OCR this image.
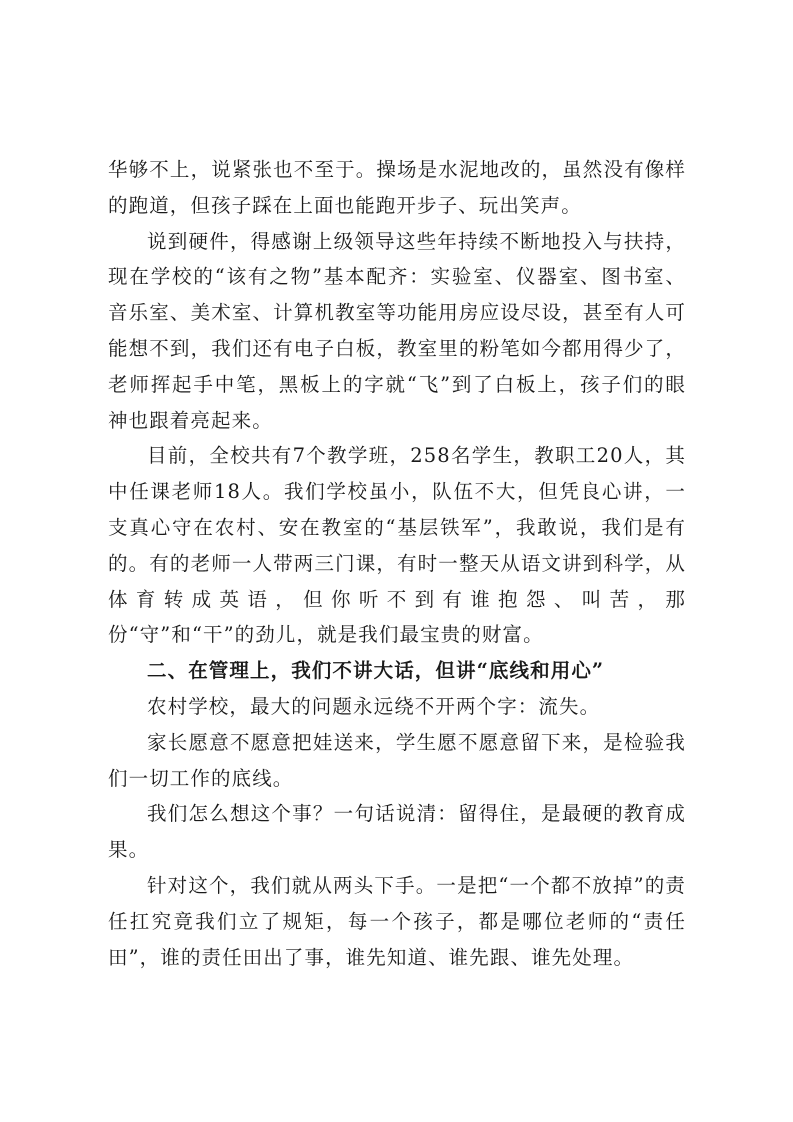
华够不上，说紧张也不至于。操场是水泥地改的，虽然没有像样的跑道，但孩子踩在上面也能跑开步子、玩出笑声。

说到硬件，得感谢上级领导这些年持续不断地投入与扶持，现在学校的“该有之物”基本配齐：实验室、仪器室、图书室、音乐室、美术室、计算机教室等功能用房应设尽设，甚至有人可能想不到，我们还有电子白板，教室里的粉笔如今都用得少了，老师挥起手中笔，黑板上的字就“飞”到了白板上，孩子们的眼神也跟着亮起来。

目前，全校共有7个教学班，258名学生，教职工20人，其中任课老师18人。我们学校虽小，队伍不大，但凭良心讲，一支真心守在农村、安在教室的“基层铁军”，我敢说，我们是有的。有的老师一人带两三门课，有时一整天从语文讲到科学，从体育转成英语，但你听不到有谁抱怨、叫苦，那份“守”和“干”的劲儿，就是我们最宝贵的财富。

二、在管理上，我们不讲大话，但讲“底线和用心”

农村学校，最大的问题永远绕不开两个字：流失。

家长愿意不愿意把娃送来，学生愿不愿意留下来，是检验我们一切工作的底线。

我们怎么想这个事？一句话说清：留得住，是最硬的教育成果。

针对这个，我们就从两头下手。一是把“一个都不放掉”的责任扛究竟我们立了规矩，每一个孩子，都是哪位老师的“责任田”，谁的责任田出了事，谁先知道、谁先跟、谁先处理。
